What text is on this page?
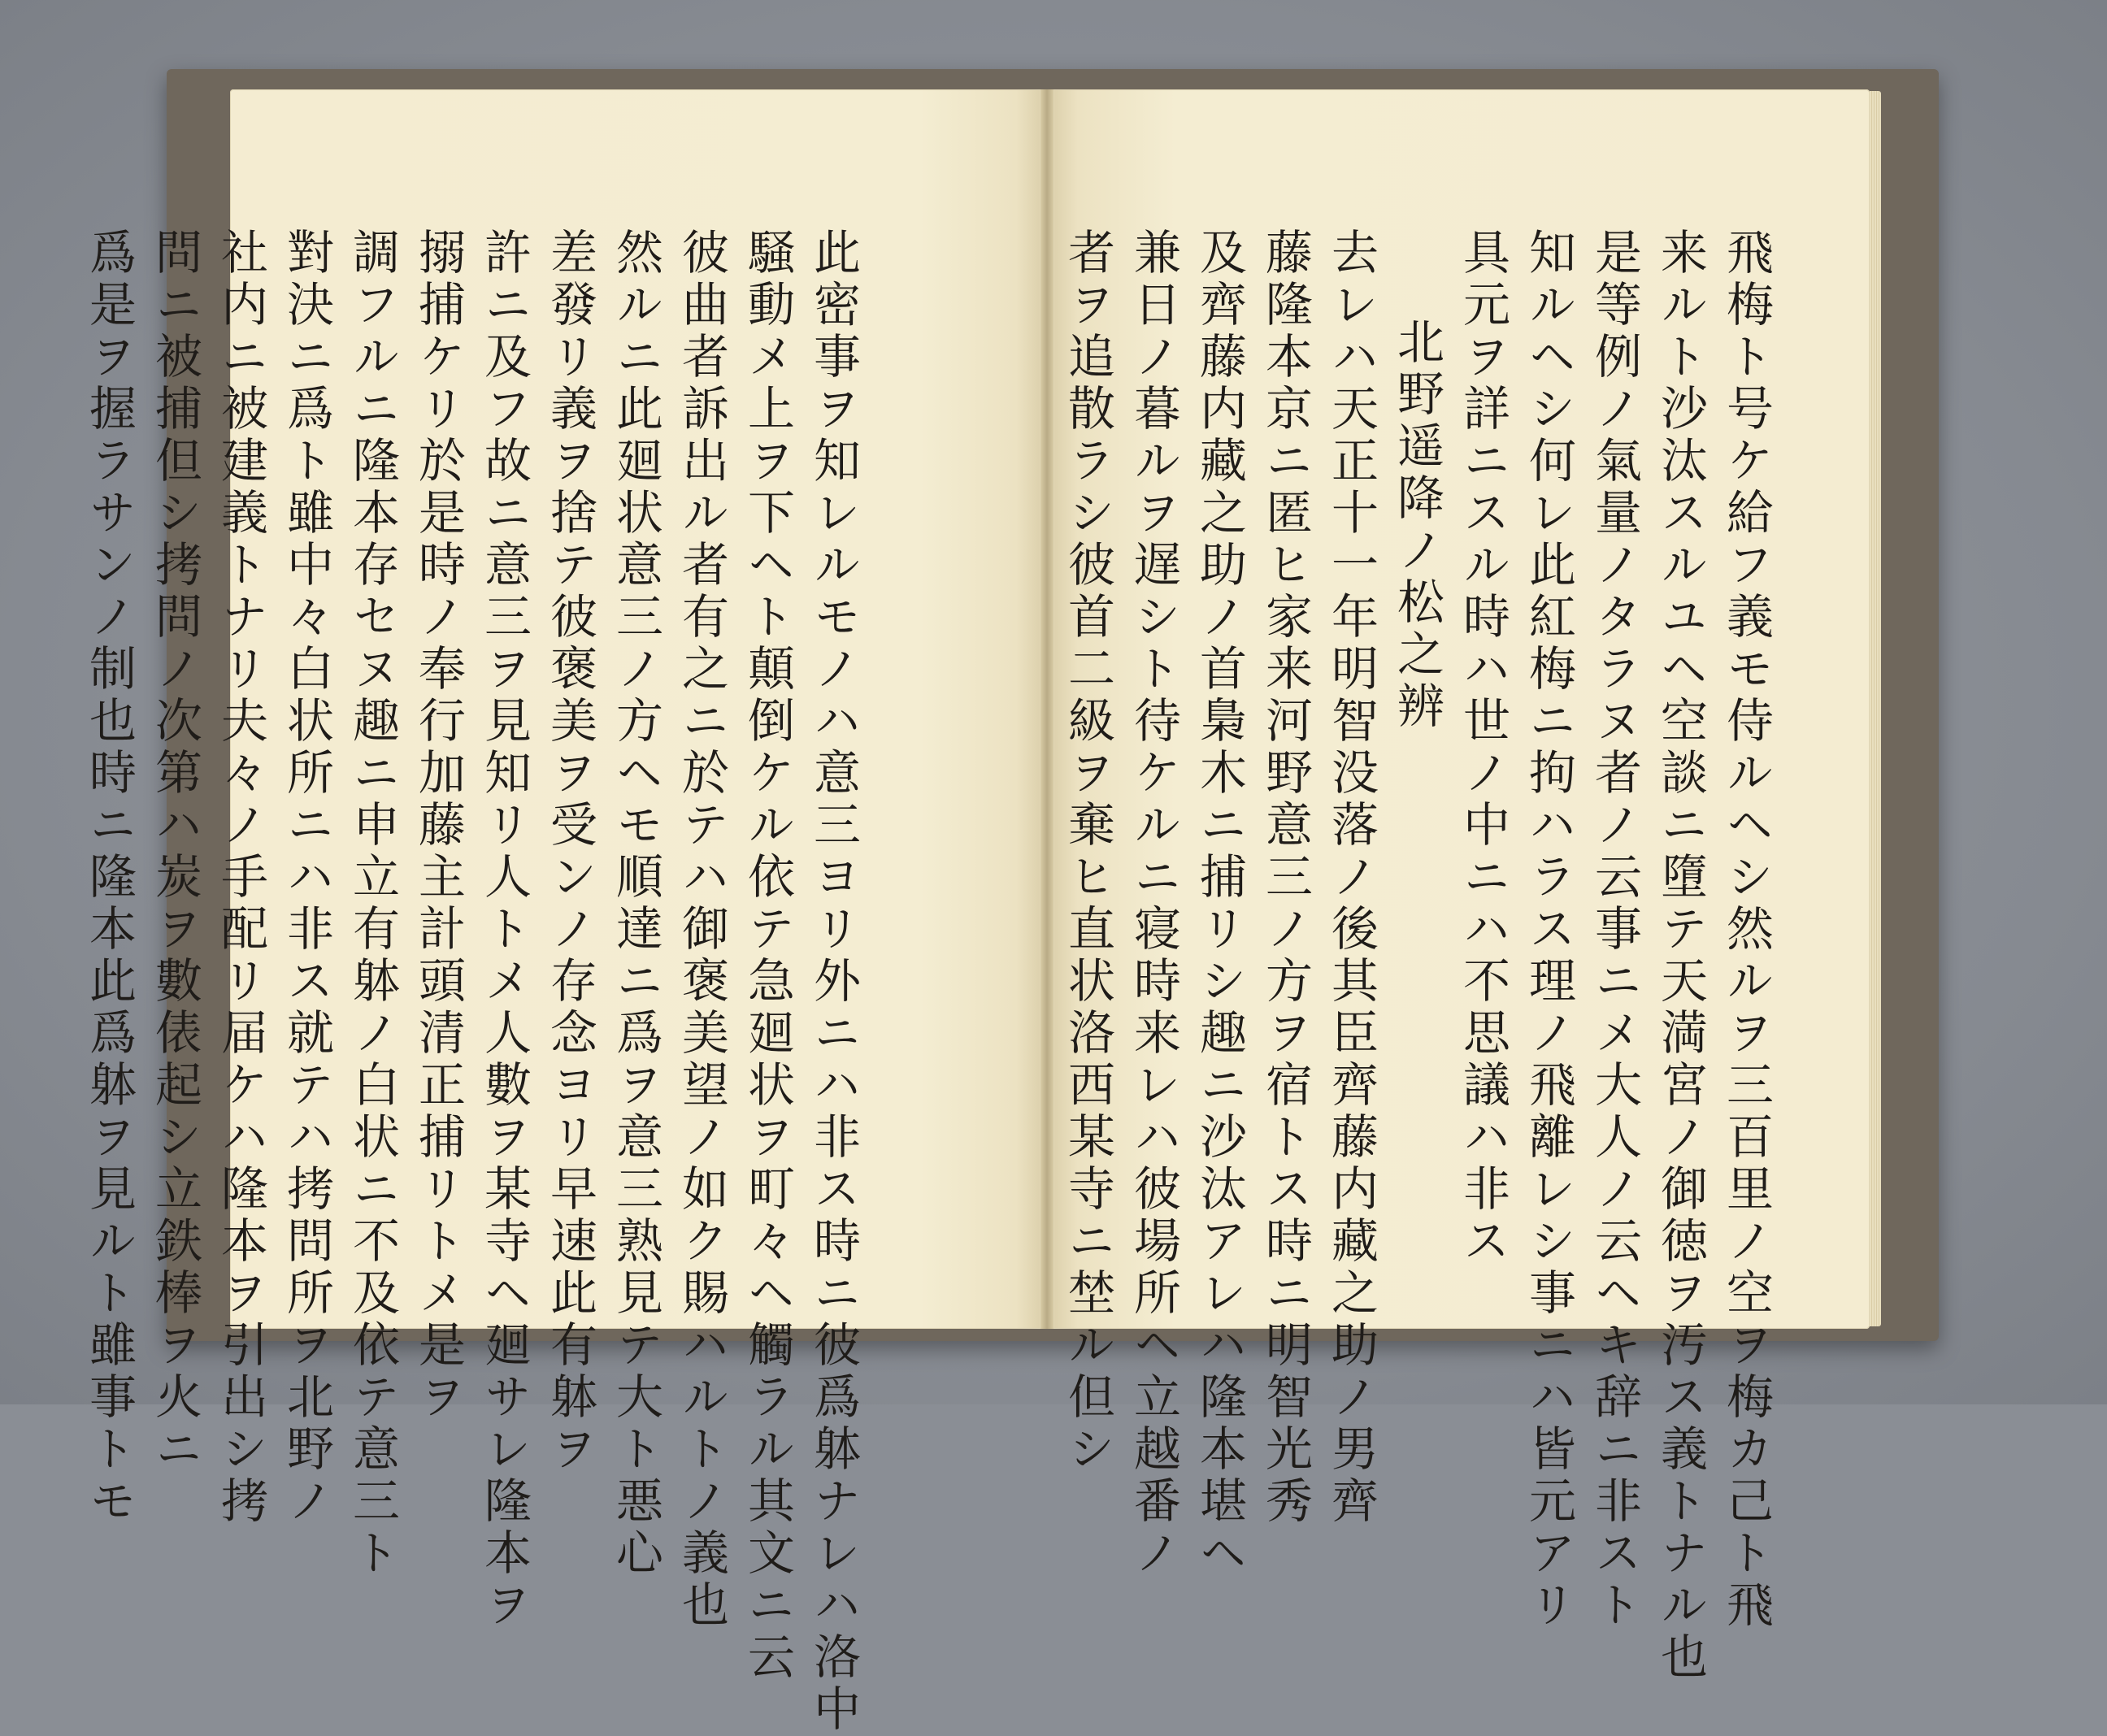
此密事ヲ知レルモノハ意三ヨリ外ニハ非ス時ニ彼爲躰ナレハ洛中
騒動メ上ヲ下ヘト顛倒ケル依テ急廻状ヲ町々ヘ觸ラル其文ニ云
彼曲者訴出ル者有之ニ於テハ御褒美望ノ如ク賜ハルトノ義也
然ルニ此廻状意三ノ方ヘモ順達ニ爲ヲ意三熟見テ大ト悪心
差發リ義ヲ捨テ彼褒美ヲ受ンノ存念ヨリ早速此有躰ヲ
許ニ及フ故ニ意三ヲ見知リ人トメ人數ヲ某寺ヘ廻サレ隆本ヲ
搦捕ケリ於是時ノ奉行加藤主計頭清正捕リトメ是ヲ
調フルニ隆本存セヌ趣ニ申立有躰ノ白状ニ不及依テ意三ト
對決ニ爲ト雖中々白状所ニハ非ス就テハ拷問所ヲ北野ノ
社内ニ被建義トナリ夫々ノ手配リ届ケハ隆本ヲ引出シ拷
問ニ被捕但シ拷問ノ次第ハ炭ヲ數俵起シ立鉄棒ヲ火ニ
爲是ヲ握ラサンノ制也時ニ隆本此爲躰ヲ見ルト雖事トモ	飛梅ト号ケ給フ義モ侍ルヘシ然ルヲ三百里ノ空ヲ梅カ己ト飛
来ルト沙汰スルユヘ空談ニ墮テ天満宮ノ御徳ヲ汚ス義トナル也
是等例ノ氣量ノタラヌ者ノ云事ニメ大人ノ云ヘキ辞ニ非スト
知ルヘシ何レ此紅梅ニ拘ハラス理ノ飛離レシ事ニハ皆元アリ
具元ヲ詳ニスル時ハ世ノ中ニハ不思議ハ非ス
北野遥降ノ松之辨
去レハ天正十一年明智没落ノ後其臣齊藤内藏之助ノ男齊
藤隆本京ニ匿ヒ家来河野意三ノ方ヲ宿トス時ニ明智光秀
及齊藤内藏之助ノ首梟木ニ捕リシ趣ニ沙汰アレハ隆本堪ヘ
兼日ノ暮ルヲ遅シト待ケルニ寝時来レハ彼場所ヘ立越番ノ
者ヲ追散ラシ彼首二級ヲ棄ヒ直状洛西某寺ニ埜ル但シ
